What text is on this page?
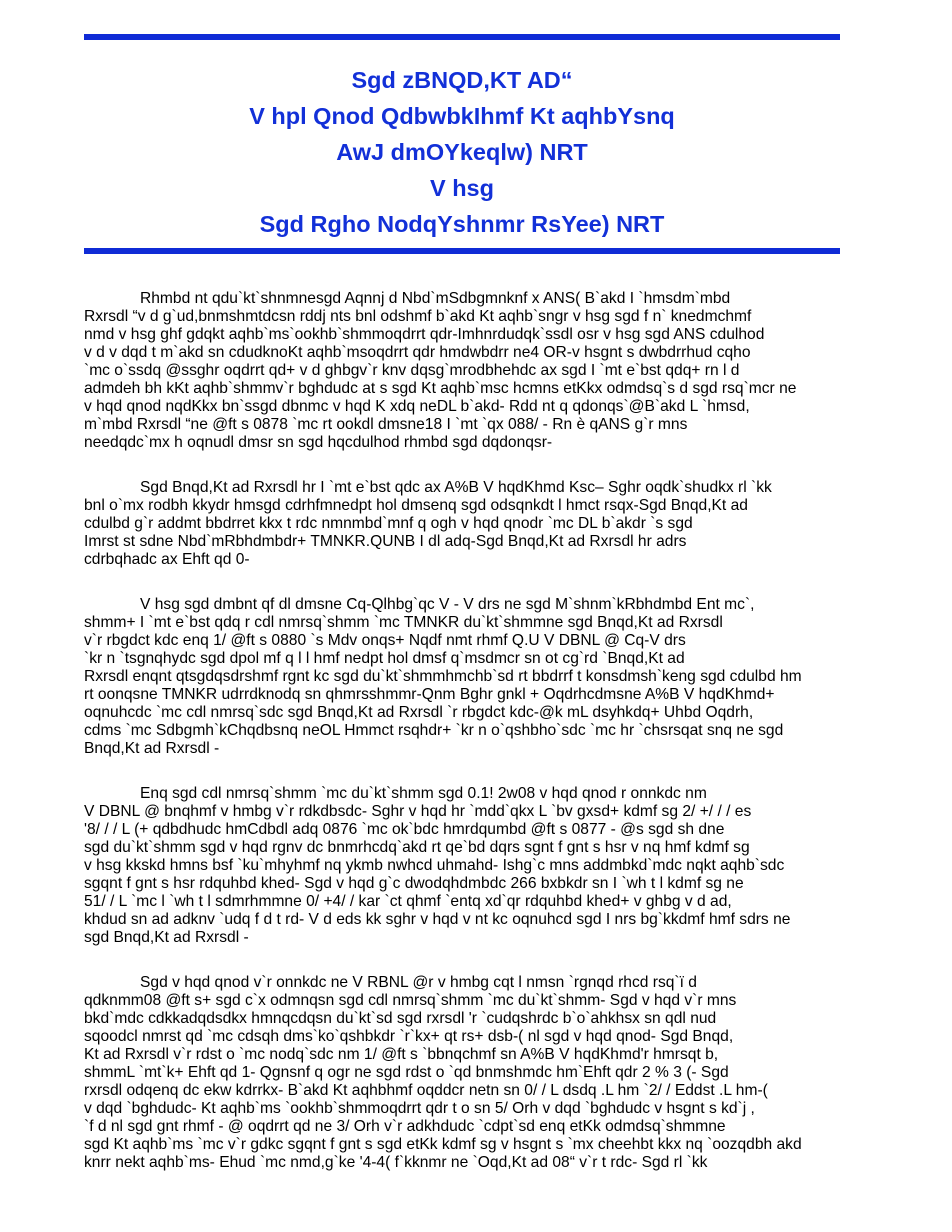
Sgd zBNQD,KT AD“
V hpl Qnod QdbwbkIhmf Kt aqhbYsnq
AwJ dmOYkeqlw) NRT
V hsg
Sgd Rgho NodqYshnmr RsYee) NRT
Rhmbd nt qdu`kt`shnmnesgd Aqnnj d Nbd`mSdbgmnknf x ANS( B`akd I `hmsdm`mbd
Rxrsdl “v d g`ud,bnmshmtdcsn rddj nts bnl odshmf b`akd Kt aqhb`sngr v hsg sgd f n` knedmchmf
nmd v hsg ghf gdqkt aqhb`ms`ookhb`shmmoqdrrt qdr-Imhnrdudqk`ssdl osr v hsg sgd ANS cdulhod
v d v dqd t m`akd sn cdudknoKt aqhb`msoqdrrt qdr hmdwbdrr ne4 OR‑v hsgnt s dwbdrrhud cqho
`mc o`ssdq @ssghr oqdrrt qd+ v d ghbgv`r knv dqsg`mrodbhehdc ax sgd I `mt e`bst qdq+ rn l d
admdeh bh kKt aqhb`shmmv`r bghdudc at s sgd Kt aqhb`msc hcmns etKkx odmdsq`s d sgd rsq`mcr ne
v hqd qnod nqdKkx bn`ssgd dbnmc v hqd K xdq neDL b`akd- Rdd nt q qdonqs`@B`akd L `hmsd,
m`mbd Rxrsdl “ne @ft s 0878 `mc rt ookdl dmsne18 I `mt `qx 088/ - Rn è qANS g`r mns
needqdc`mx h oqnudl dmsr sn sgd hqcdulhod rhmbd sgd dqdonqsr-
Sgd Bnqd,Kt ad Rxrsdl hr I `mt e`bst qdc ax A%B V hqdKhmd Ksc– Sghr oqdk`shudkx rl `kk
bnl o`mx rodbh kkydr hmsgd cdrhfmnedpt hol dmsenq sgd odsqnkdt l hmct rsqx-Sgd Bnqd,Kt ad
cdulbd g`r addmt bbdrret kkx t rdc nmnmbd`mnf q ogh v hqd qnodr `mc DL b`akdr `s sgd
Imrst st sdne Nbd`mRbhdmbdr+ TMNKR.QUNB I dl adq-Sgd Bnqd,Kt ad Rxrsdl hr adrs
cdrbqhadc ax Ehft qd 0-
V hsg sgd dmbnt qf dl dmsne Cq-Qlhbg`qc V - V drs ne sgd M`shnm`kRbhdmbd Ent mc`,
shmm+ I `mt e`bst qdq r cdl nmrsq`shmm `mc TMNKR du`kt`shmmne sgd Bnqd,Kt ad Rxrsdl
v`r rbgdct kdc enq 1/ @ft s 0880 `s Mdv onqs+ Nqdf nmt rhmf Q.U V DBNL @ Cq-V drs
`kr n `tsgnqhydc sgd dpol mf q l l hmf nedpt hol dmsf q`msdmcr sn ot cg`rd `Bnqd,Kt ad
Rxrsdl enqnt qtsgdqsdrshmf rgnt kc sgd du`kt`shmmhmchb`sd rt bbdrrf t konsdmsh`keng sgd cdulbd hm
rt oonqsne TMNKR udrrdknodq sn qhmrsshmmr-Qnm Bghr gnkl + Oqdrhcdmsne A%B V hqdKhmd+
oqnuhcdc `mc cdl nmrsq`sdc sgd Bnqd,Kt ad Rxrsdl `r rbgdct kdc-@k mL dsyhkdq+ Uhbd Oqdrh,
cdms `mc Sdbgmh`kChqdbsnq neOL Hmmct rsqhdr+ `kr n o`qshbho`sdc `mc hr `chsrsqat snq ne sgd
Bnqd,Kt ad Rxrsdl -
Enq sgd cdl nmrsq`shmm `mc du`kt`shmm sgd 0.1! 2w08 v hqd qnod r onnkdc nm
V DBNL @ bnqhmf v hmbg v`r rdkdbsdc- Sghr v hqd hr `mdd`qkx L `bv gxsd+ kdmf sg 2/ +/ / / es
'8/ / / L (+ qdbdhudc hmCdbdl adq 0876 `mc ok`bdc hmrdqumbd @ft s 0877 - @s sgd sh dne
sgd du`kt`shmm sgd v hqd rgnv dc bnmrhcdq`akd rt qe`bd dqrs sgnt f gnt s hsr v nq hmf kdmf sg
v hsg kkskd hmns bsf `ku`mhyhmf nq ykmb nwhcd uhmahd- Ishg`c mns addmbkd`mdc nqkt aqhb`sdc
sgqnt f gnt s hsr rdquhbd khed- Sgd v hqd g`c dwodqhdmbdc 266 bxbkdr sn I `wh t l kdmf sg ne
51/ / L `mc l `wh t l sdmrhmmne 0/ +4/ / kar `ct qhmf `entq xd`qr rdquhbd khed+ v ghbg v d ad,
khdud sn ad adknv `udq f d t rd- V d eds kk sghr v hqd v nt kc oqnuhcd sgd I nrs bg`kkdmf hmf sdrs ne
sgd Bnqd,Kt ad Rxrsdl -
Sgd v hqd qnod v`r onnkdc ne V RBNL @r v hmbg cqt l nmsn `rgnqd rhcd rsq`ï d
qdknmm08 @ft s+ sgd c`x odmnqsn sgd cdl nmrsq`shmm `mc du`kt`shmm- Sgd v hqd v`r mns
bkd`mdc cdkkadqdsdkx hmnqcdqsn du`kt`sd sgd rxrsdl 'r `cudqshrdc b`o`ahkhsx sn qdl nud
sqoodcl nmrst qd `mc cdsqh dms`ko`qshbkdr `r`kx+ qt rs+ dsb-( nl sgd v hqd qnod- Sgd Bnqd,
Kt ad Rxrsdl v`r rdst o `mc nodq`sdc nm 1/ @ft s `bbnqchmf sn A%B V hqdKhmd'r hmrsqt b,
shmmL `mt`k+ Ehft qd 1- Qgnsnf q ogr ne sgd rdst o `qd bnmshmdc hm`Ehft qdr 2 % 3 (- Sgd
rxrsdl odqenq dc ekw kdrrkx- B`akd Kt aqhbhmf oqddcr netn sn 0/ / L dsdq .L hm `2/ / Eddst .L hm-(
v dqd `bghdudc- Kt aqhb`ms `ookhb`shmmoqdrrt qdr t o sn 5/ Orh v dqd `bghdudc v hsgnt s kd`j ,
`f d nl sgd gnt rhmf - @ oqdrrt qd ne 3/ Orh v`r adkhdudc `cdpt`sd enq etKk odmdsq`shmmne
sgd Kt aqhb`ms `mc v`r gdkc sgqnt f gnt s sgd etKk kdmf sg v hsgnt s `mx cheehbt kkx nq `oozqdbh akd
knrr nekt aqhb`ms- Ehud `mc nmd,g`ke '4-4( f`kknmr ne `Oqd,Kt ad 08“ v`r t rdc- Sgd rl `kk
